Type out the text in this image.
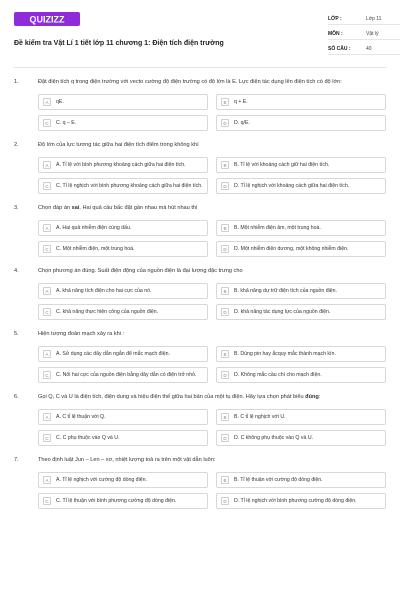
QUIZIZZ
Đề kiểm tra Vật Lí 1 tiết lớp 11 chương 1: Điện tích điện trường
LỚP :	Lớp 11
MÔN :	Vật lý
SỐ CÂU :	40
1.	Đặt điện tích q trong điện trường với vecto cường độ điện trường có độ lớn là E. Lực điện tác dụng lên điện tích có độ lớn:
A	qE.	B	q + E.
C	C. q – E.	D	D. q/E.
2.	Độ lớn của lực tương tác giữa hai điện tích điểm trong không khí
A	A. Tỉ lệ với bình phương khoảng cách giữa hai điện tích.	B	B. Tỉ lệ với khoảng cách giữ hai điện tích.
C	C. Tỉ lệ nghịch với bình phương khoảng cách giữa hai điện tích.	D	D. Tỉ lệ nghịch với khoảng cách giữa hai điện tích.
3.	Chọn đáp án sai. Hai quả cầu bấc đặt gần nhau mà hút nhau thì
A	A. Hai quả nhiễm điện cùng dấu.	B	B. Một nhiễm điện âm, một trung hoà.
C	C. Một nhiễm điện, một trung hoà.	D	D. Một nhiễm điện dương, một không nhiễm điện.
4.	Chọn phương án đúng. Suất điện động của nguồn điện là đại lượng đặc trưng cho
A	A. khả năng tích điện cho hai cực của nó.	B	B. khả năng dự trữ điện tích của nguồn điện.
C	C. khả năng thực hiện công của nguồn điện.	D	D. khả năng tác dụng lực của nguồn điện.
5.	Hiện tượng đoản mạch xảy ra khi :
A	A. Sử dụng các dây dẫn ngắn để mắc mạch điện.	B	B. Dùng pin hay ắcquy mắc thành mạch kín.
C	C. Nối hai cực của nguồn điện bằng dây dẫn có điện trở nhỏ.	D	D. Không mắc cầu chì cho mạch điện.
6.	Gọi Q, C và U là điện tích, điện dung và hiệu điện thế giữa hai bản của một tụ điện. Hãy lựa chọn phát biểu đúng:
A	A. C tỉ lệ thuận với Q.	B	B. C tỉ lệ nghịch với U.
C	C. C phụ thuộc vào Q và U.	D	D. C không phụ thuộc vào Q và U.
7.	Theo định luật Jun – Len – xơ, nhiệt lượng toả ra trên một vật dẫn luôn:
A	A. Tỉ lệ nghịch với cường độ dòng điện.	B	B. Tỉ lệ thuận với cường độ dòng điện.
C	C. Tỉ lệ thuận với bình phương cường độ dòng điện.	D	D. Tỉ lệ nghịch với bình phương cường độ dòng điện.
